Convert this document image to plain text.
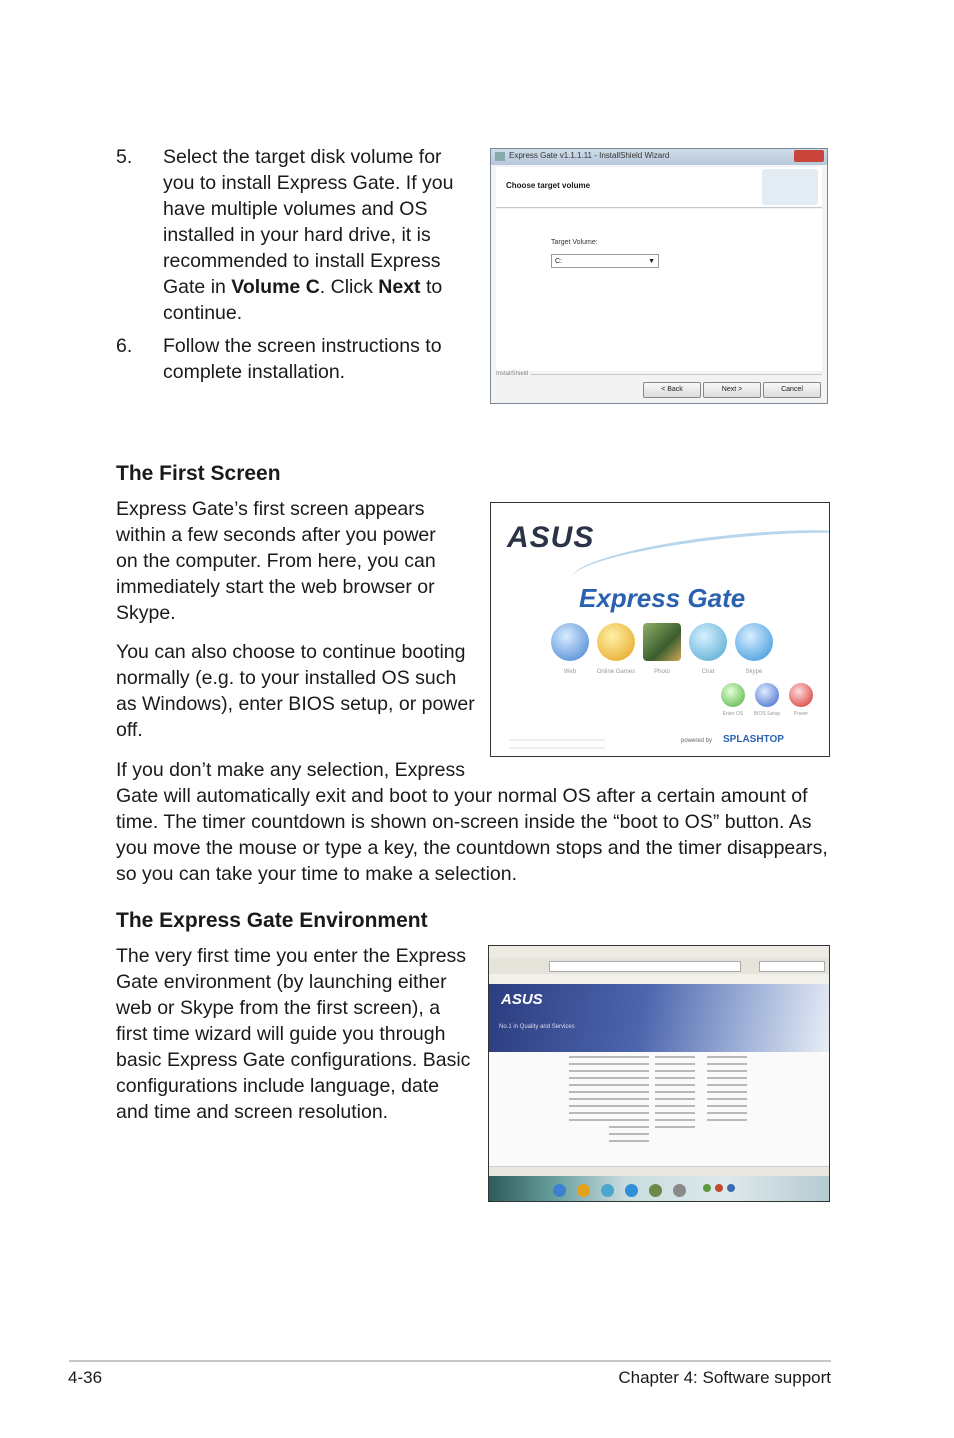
5. Select the target disk volume for
you to install Express Gate. If you
have multiple volumes and OS
installed in your hard drive, it is
recommended to install Express
Gate in Volume C. Click Next to
continue.
6. Follow the screen instructions to
complete installation.
Express Gate v1.1.1.11 - InstallShield Wizard
Choose target volume
Target Volume:
C:	▼
InstallShield
< Back	Next >	Cancel
The First Screen
Express Gate’s first screen appears
within a few seconds after you power
on the computer. From here, you can
immediately start the web browser or
Skype.
You can also choose to continue booting
normally (e.g. to your installed OS such
as Windows), enter BIOS setup, or power
off.
If you don’t make any selection, Express
Gate will automatically exit and boot to your normal OS after a certain amount of
time. The timer countdown is shown on-screen inside the “boot to OS” button. As
you move the mouse or type a key, the countdown stops and the timer disappears,
so you can take your time to make a selection.
ASUS
Express Gate
Web	Online Games	Photo	Chat	Skype
Enter OS	BIOS Setup	Power
powered by SPLASHTOP
The Express Gate Environment
The very first time you enter the Express
Gate environment (by launching either
web or Skype from the first screen), a
first time wizard will guide you through
basic Express Gate configurations. Basic
configurations include language, date
and time and screen resolution.
ASUS
No.1 in Quality and Services
4-36	Chapter 4: Software support
